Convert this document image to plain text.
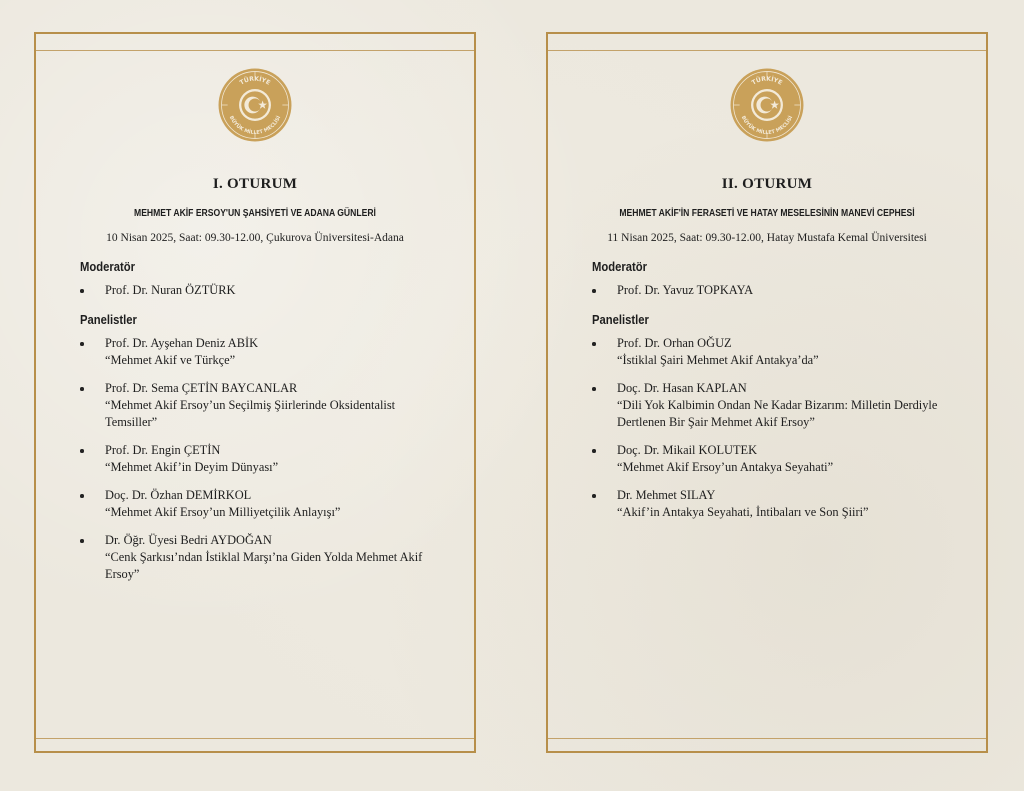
TÜRKİYE
BÜYÜK MİLLET MECLİSİ
I. OTURUM
MEHMET AKİF ERSOY'UN ŞAHSİYETİ VE ADANA GÜNLERİ
10 Nisan 2025, Saat: 09.30-12.00, Çukurova Üniversitesi-Adana
Moderatör
Prof. Dr. Nuran ÖZTÜRK
Panelistler
Prof. Dr. Ayşehan Deniz ABİK
“Mehmet Akif ve Türkçe”
Prof. Dr. Sema ÇETİN BAYCANLAR
“Mehmet Akif Ersoy’un Seçilmiş Şiirlerinde Oksidentalist Temsiller”
Prof. Dr. Engin ÇETİN
“Mehmet Akif’in Deyim Dünyası”
Doç. Dr. Özhan DEMİRKOL
“Mehmet Akif Ersoy’un Milliyetçilik Anlayışı”
Dr. Öğr. Üyesi Bedri AYDOĞAN
“Cenk Şarkısı’ndan İstiklal Marşı’na Giden Yolda Mehmet Akif Ersoy”
TÜRKİYE
BÜYÜK MİLLET MECLİSİ
II. OTURUM
MEHMET AKİF'İN FERASETİ VE HATAY MESELESİNİN MANEVİ CEPHESİ
11 Nisan 2025, Saat: 09.30-12.00, Hatay Mustafa Kemal Üniversitesi
Moderatör
Prof. Dr. Yavuz TOPKAYA
Panelistler
Prof. Dr. Orhan OĞUZ
“İstiklal Şairi Mehmet Akif Antakya’da”
Doç. Dr. Hasan KAPLAN
“Dili Yok Kalbimin Ondan Ne Kadar Bizarım: Milletin Derdiyle Dertlenen Bir Şair Mehmet Akif Ersoy”
Doç. Dr. Mikail KOLUTEK
“Mehmet Akif Ersoy’un Antakya Seyahati”
Dr. Mehmet SILAY
“Akif’in Antakya Seyahati, İntibaları ve Son Şiiri”
